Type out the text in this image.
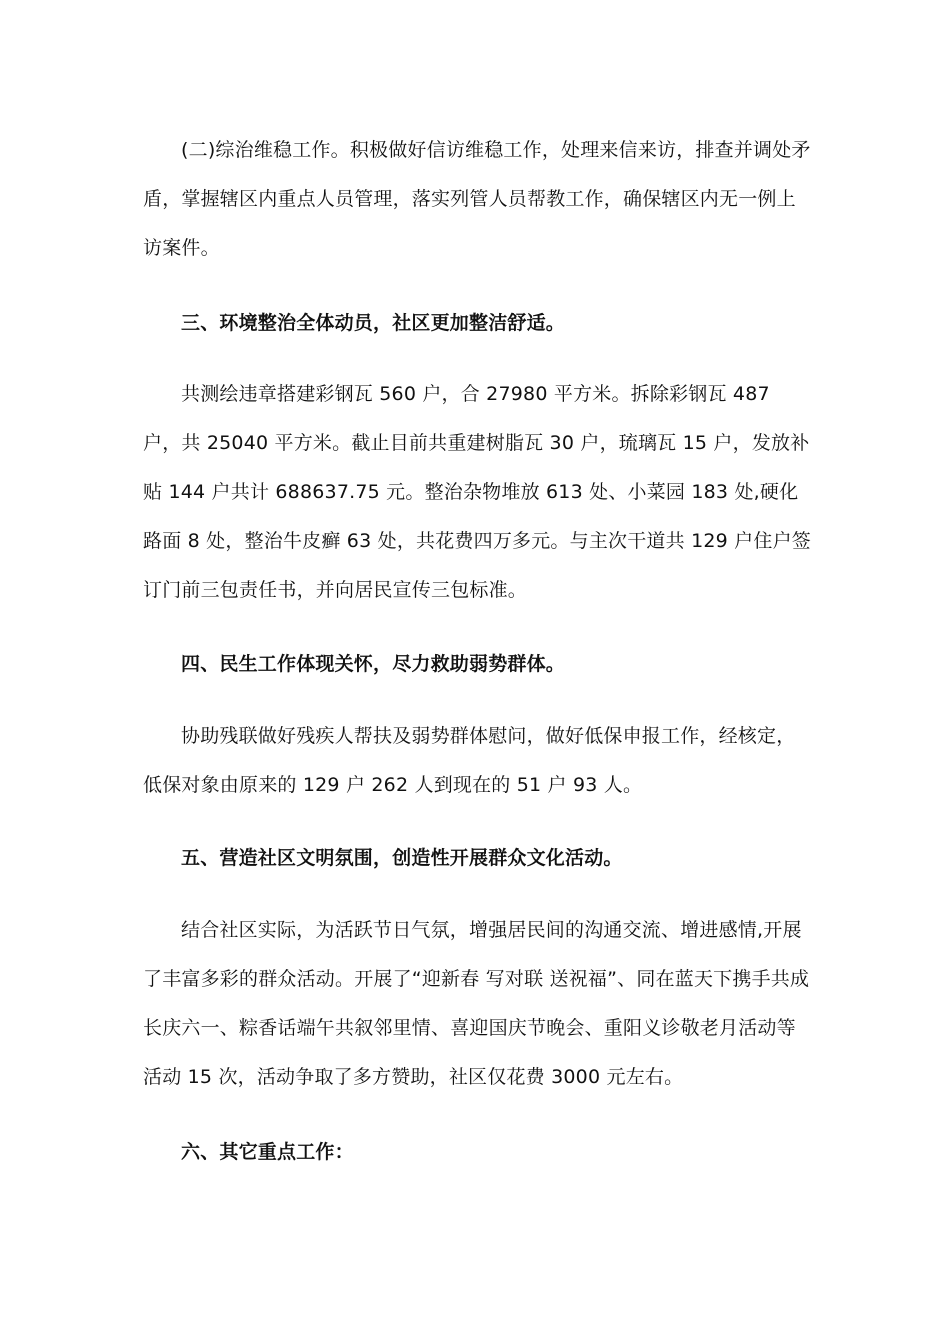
(二)综治维稳工作。积极做好信访维稳工作，处理来信来访，排查并调处矛盾，掌握辖区内重点人员管理，落实列管人员帮教工作，确保辖区内无一例上访案件。

三、环境整治全体动员，社区更加整洁舒适。

共测绘违章搭建彩钢瓦 560 户，合 27980 平方米。拆除彩钢瓦 487 户，共 25040 平方米。截止目前共重建树脂瓦 30 户，琉璃瓦 15 户，发放补贴 144 户共计 688637.75 元。整治杂物堆放 613 处、小菜园 183 处,硬化路面 8 处，整治牛皮癣 63 处，共花费四万多元。与主次干道共 129 户住户签订门前三包责任书，并向居民宣传三包标准。

四、民生工作体现关怀，尽力救助弱势群体。

协助残联做好残疾人帮扶及弱势群体慰问，做好低保申报工作，经核定，低保对象由原来的 129 户 262 人到现在的 51 户 93 人。

五、营造社区文明氛围，创造性开展群众文化活动。

结合社区实际，为活跃节日气氛，增强居民间的沟通交流、增进感情,开展了丰富多彩的群众活动。开展了“迎新春 写对联 送祝福”、同在蓝天下携手共成长庆六一、粽香话端午共叙邻里情、喜迎国庆节晚会、重阳义诊敬老月活动等活动 15 次，活动争取了多方赞助，社区仅花费 3000 元左右。

六、其它重点工作：
